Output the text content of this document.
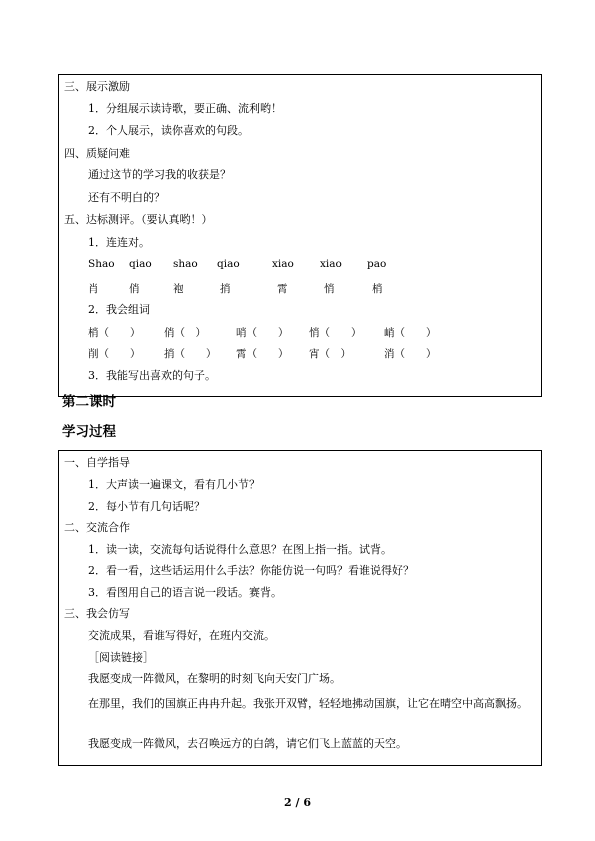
三、展示激励
1．分组展示读诗歌，要正确、流利哟！
2．个人展示，读你喜欢的句段。
四、质疑问难
通过这节的学习我的收获是？
还有不明白的？
五、达标测评。（要认真哟！）
1．连连对。
Shao qiao shao qiao	xiao xiao pao
肖	俏	袍	捎	霄	悄	梢
2．我会组词
梢（　　） 俏（　）	哨（　　） 悄（　　） 峭（　　）
削（　　） 捎（　　） 霄（　　） 宵（　）	消（　　）
3．我能写出喜欢的句子。
第二课时
学习过程
一、自学指导
1．大声读一遍课文，看有几小节？
2．每小节有几句话呢？
二、交流合作
1．读一读，交流每句话说得什么意思？在图上指一指。试背。
2．看一看，这些话运用什么手法？你能仿说一句吗？看谁说得好？
3．看图用自己的语言说一段话。赛背。
三、我会仿写
交流成果，看谁写得好，在班内交流。
［阅读链接］
我愿变成一阵微风，在黎明的时刻飞向天安门广场。
在那里，我们的国旗正冉冉升起。我张开双臂，轻轻地拂动国旗，让它在晴空中高高飘扬。
我愿变成一阵微风，去召唤远方的白鸽，请它们飞上蓝蓝的天空。
2 / 6
